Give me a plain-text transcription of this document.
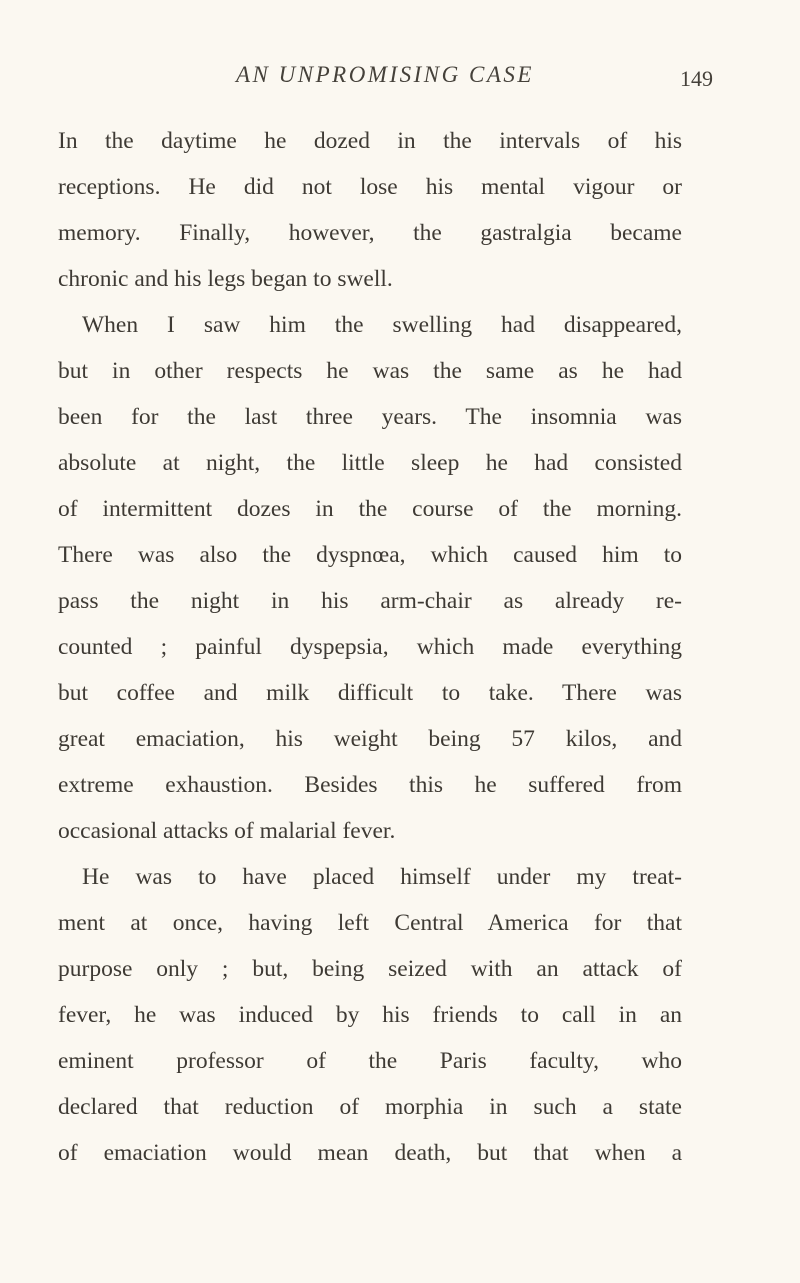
AN UNPROMISING CASE	149
In the daytime he dozed in the intervals of his
receptions. He did not lose his mental vigour or
memory. Finally, however, the gastralgia became
chronic and his legs began to swell.
When I saw him the swelling had disappeared,
but in other respects he was the same as he had
been for the last three years. The insomnia was
absolute at night, the little sleep he had consisted
of intermittent dozes in the course of the morning.
There was also the dyspnœa, which caused him to
pass the night in his arm-chair as already re-
counted ; painful dyspepsia, which made everything
but coffee and milk difficult to take. There was
great emaciation, his weight being 57 kilos, and
extreme exhaustion. Besides this he suffered from
occasional attacks of malarial fever.
He was to have placed himself under my treat-
ment at once, having left Central America for that
purpose only ; but, being seized with an attack of
fever, he was induced by his friends to call in an
eminent professor of the Paris faculty, who
declared that reduction of morphia in such a state
of emaciation would mean death, but that when a
